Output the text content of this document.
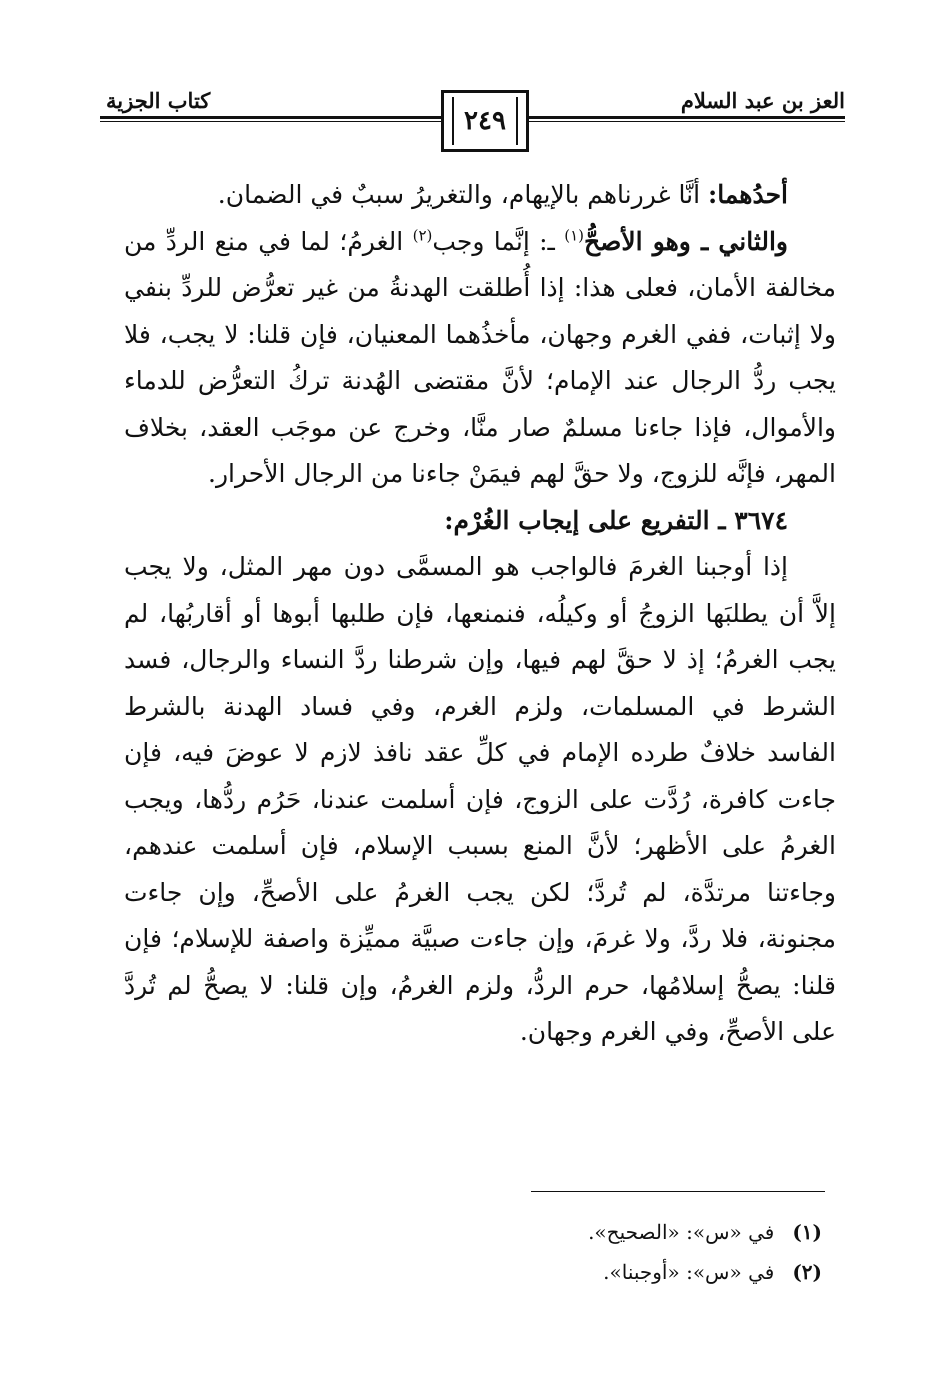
العز بن عبد السلام
كتاب الجزية
٢٤٩

أحدُهما: أنَّا غررناهم بالإيهام، والتغريرُ سببٌ في الضمان.

والثاني ـ وهو الأصحُّ$^{(١)}$ ـ: إنَّما وجب$^{(٢)}$ الغرمُ؛ لما في منع الردِّ من مخالفة الأمان، فعلى هذا: إذا أُطلقت الهدنةُ من غير تعرُّض للردِّ بنفي ولا إثبات، ففي الغرم وجهان، مأخذُهما المعنيان، فإن قلنا: لا يجب، فلا يجب ردُّ الرجال عند الإمام؛ لأنَّ مقتضى الهُدنة تركُ التعرُّض للدماء والأموال، فإذا جاءنا مسلمٌ صار منَّا، وخرج عن موجَب العقد، بخلاف المهر، فإنَّه للزوج، ولا حقَّ لهم فيمَنْ جاءنا من الرجال الأحرار.

٣٦٧٤ ـ التفريع على إيجاب الغُرْم:

إذا أوجبنا الغرمَ فالواجب هو المسمَّى دون مهر المثل، ولا يجب إلاَّ أن يطلبَها الزوجُ أو وكيلُه، فنمنعها، فإن طلبها أبوها أو أقاربُها، لم يجب الغرمُ؛ إذ لا حقَّ لهم فيها، وإن شرطنا ردَّ النساء والرجال، فسد الشرط في المسلمات، ولزم الغرم، وفي فساد الهدنة بالشرط الفاسد خلافٌ طرده الإمام في كلِّ عقد نافذ لازم لا عوضَ فيه، فإن جاءت كافرة، رُدَّت على الزوج، فإن أسلمت عندنا، حَرُم ردُّها، ويجب الغرمُ على الأظهر؛ لأنَّ المنع بسبب الإسلام، فإن أسلمت عندهم، وجاءتنا مرتدَّة، لم تُردَّ؛ لكن يجب الغرمُ على الأصحِّ، وإن جاءت مجنونة، فلا ردَّ، ولا غرمَ، وإن جاءت صبيَّة مميِّزة واصفة للإسلام؛ فإن قلنا: يصحُّ إسلامُها، حرم الردُّ، ولزم الغرمُ، وإن قلنا: لا يصحُّ لم تُردَّ على الأصحِّ، وفي الغرم وجهان.

(١)في «س»: «الصحيح».
(٢)في «س»: «أوجبنا».
